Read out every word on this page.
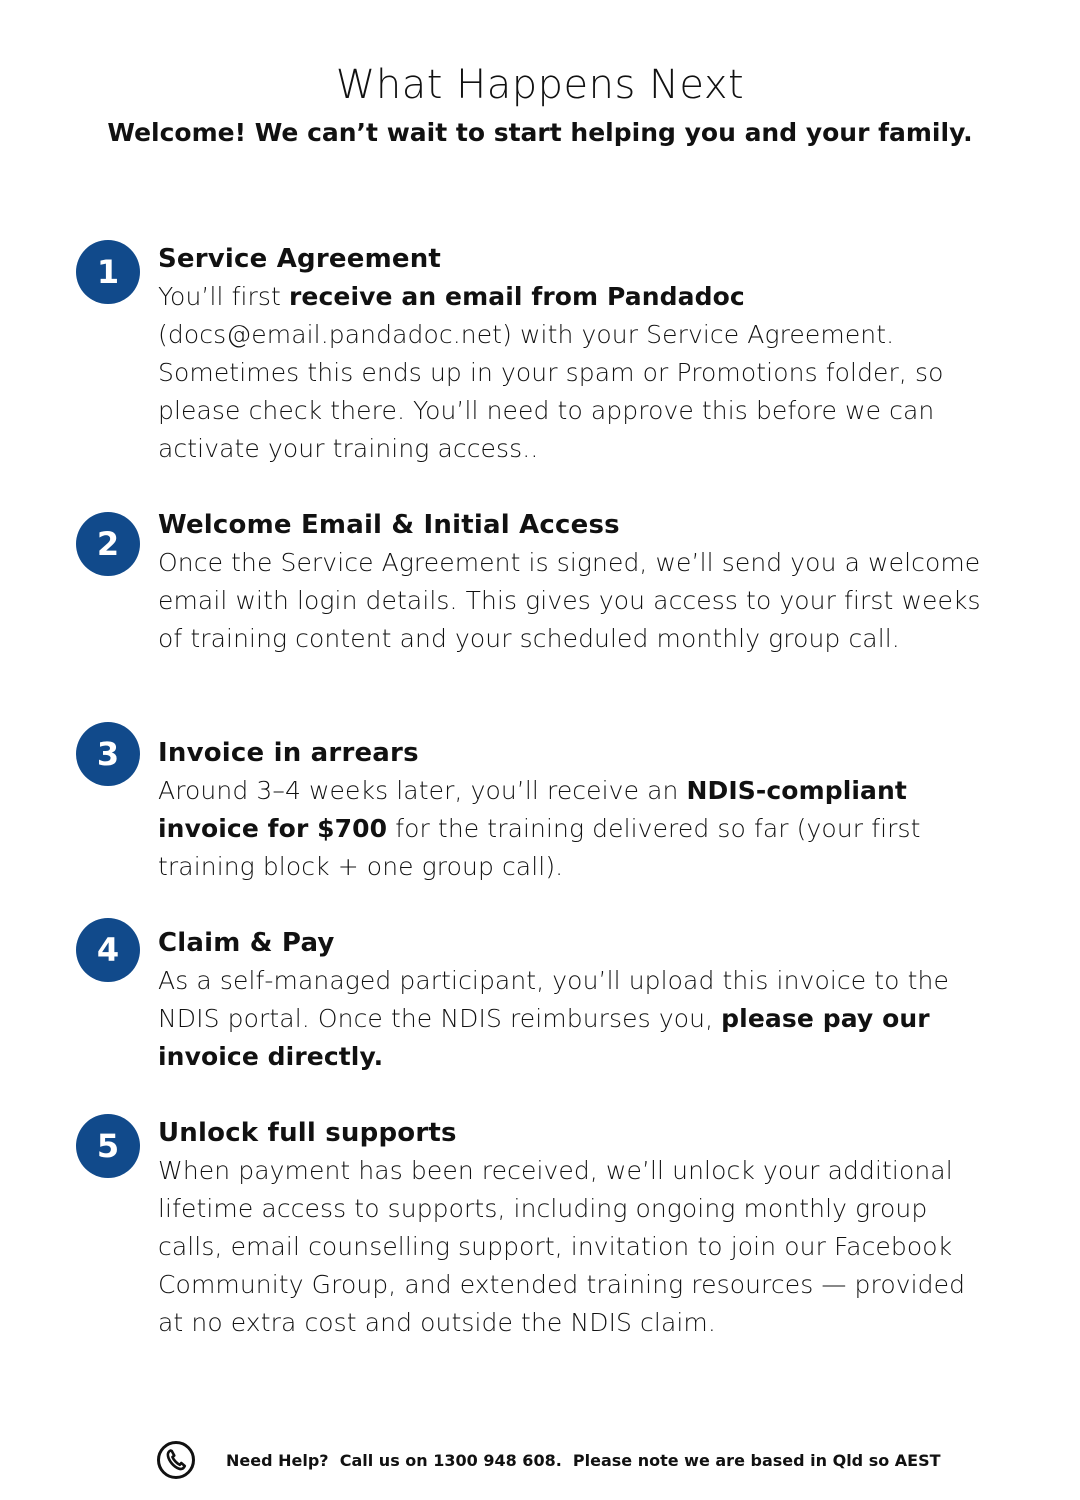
What Happens Next
Welcome! We can’t wait to start helping you and your family.
1	Service Agreement

You’ll first receive an email from Pandadoc (docs@email.pandadoc.net) with your Service Agreement. Sometimes this ends up in your spam or Promotions folder, so please check there. You’ll need to approve this before we can activate your training access..

2	Welcome Email & Initial Access

Once the Service Agreement is signed, we’ll send you a welcome email with login details. This gives you access to your first weeks of training content and your scheduled monthly group call.

3	Invoice in arrears

Around 3–4 weeks later, you’ll receive an NDIS-compliant invoice for $700 for the training delivered so far (your first training block + one group call).

4	Claim & Pay

As a self-managed participant, you’ll upload this invoice to the NDIS portal. Once the NDIS reimburses you, please pay our invoice directly.

5	Unlock full supports

When payment has been received, we’ll unlock your additional lifetime access to supports, including ongoing monthly group calls, email counselling support, invitation to join our Facebook Community Group, and extended training resources — provided at no extra cost and outside the NDIS claim.

Need Help?  Call us on 1300 948 608.  Please note we are based in Qld so AEST
